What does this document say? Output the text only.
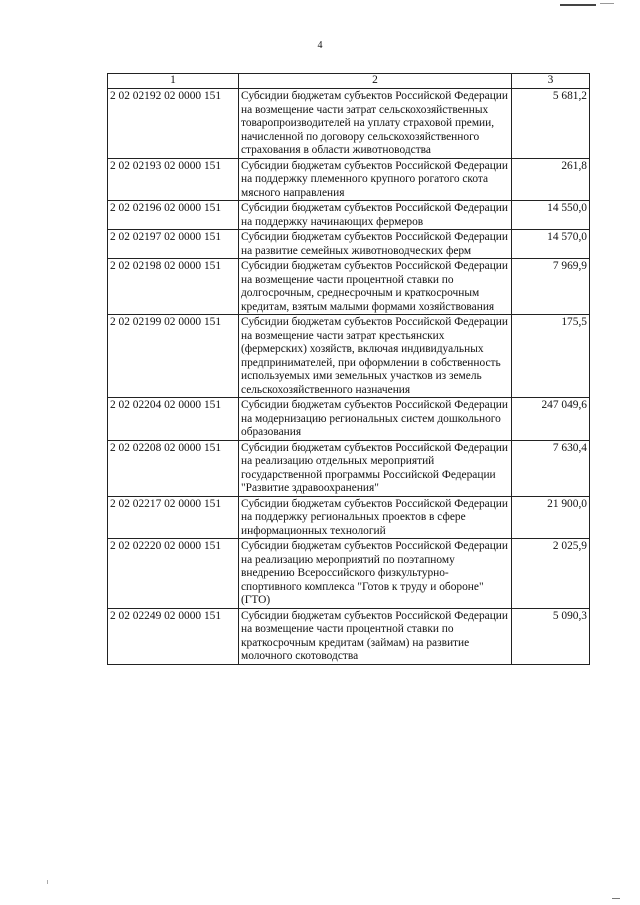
4
1	2	3
2 02 02192 02 0000 151	Субсидии бюджетам субъектов Российской Федерации на возмещение части затрат сельскохозяйственных товаропроизводителей на уплату страховой премии, начисленной по договору сельскохозяйственного страхования в области животноводства	5 681,2
2 02 02193 02 0000 151	Субсидии бюджетам субъектов Российской Федерации на поддержку племенного крупного рогатого скота мясного направления	261,8
2 02 02196 02 0000 151	Субсидии бюджетам субъектов Российской Федерации на поддержку начинающих фермеров	14 550,0
2 02 02197 02 0000 151	Субсидии бюджетам субъектов Российской Федерации на развитие семейных животноводческих ферм	14 570,0
2 02 02198 02 0000 151	Субсидии бюджетам субъектов Российской Федерации на возмещение части процентной ставки по долгосрочным, среднесрочным и краткосрочным кредитам, взятым малыми формами хозяйствования	7 969,9
2 02 02199 02 0000 151	Субсидии бюджетам субъектов Российской Федерации на возмещение части затрат крестьянских (фермерских) хозяйств, включая индивидуальных предпринимателей, при оформлении в собственность используемых ими земельных участков из земель сельскохозяйственного назначения	175,5
2 02 02204 02 0000 151	Субсидии бюджетам субъектов Российской Федерации на модернизацию региональных систем дошкольного образования	247 049,6
2 02 02208 02 0000 151	Субсидии бюджетам субъектов Российской Федерации на реализацию отдельных мероприятий государственной программы Российской Федерации "Развитие здравоохранения"	7 630,4
2 02 02217 02 0000 151	Субсидии бюджетам субъектов Российской Федерации на поддержку региональных проектов в сфере информационных технологий	21 900,0
2 02 02220 02 0000 151	Субсидии бюджетам субъектов Российской Федерации на реализацию мероприятий по поэтапному внедрению Всероссийского физкультурно-спортивного комплекса "Готов к труду и обороне" (ГТО)	2 025,9
2 02 02249 02 0000 151	Субсидии бюджетам субъектов Российской Федерации на возмещение части процентной ставки по краткосрочным кредитам (займам) на развитие молочного скотоводства	5 090,3
